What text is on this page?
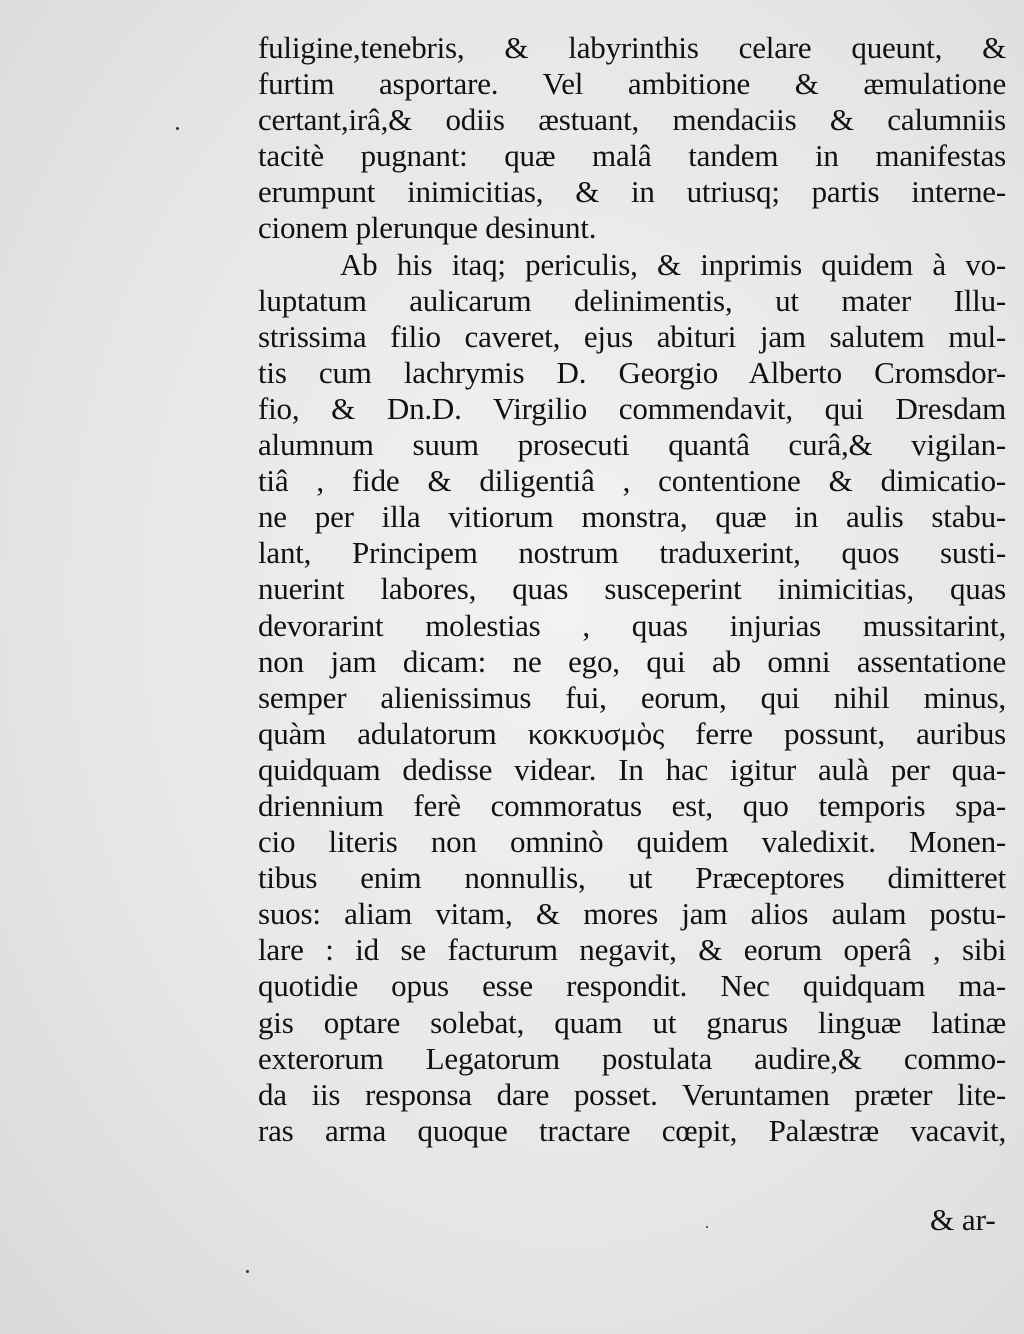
fuligine,tenebris, & labyrinthis celare queunt, &
furtim asportare. Vel ambitione & æmulatione
certant,irâ,& odiis æstuant, mendaciis & calumniis
tacitè pugnant: quæ malâ tandem in manifestas
erumpunt inimicitias, & in utriusq; partis interne-
cionem plerunque desinunt.
Ab his itaq; periculis, & inprimis quidem à vo-
luptatum aulicarum delinimentis, ut mater Illu-
strissima filio caveret, ejus abituri jam salutem mul-
tis cum lachrymis D. Georgio Alberto Cromsdor-
fio, & Dn.D. Virgilio commendavit, qui Dresdam
alumnum suum prosecuti quantâ curâ,& vigilan-
tiâ , fide & diligentiâ , contentione & dimicatio-
ne per illa vitiorum monstra, quæ in aulis stabu-
lant, Principem nostrum traduxerint, quos susti-
nuerint labores, quas susceperint inimicitias, quas
devorarint molestias , quas injurias mussitarint,
non jam dicam: ne ego, qui ab omni assentatione
semper alienissimus fui, eorum, qui nihil minus,
quàm adulatorum κοκκυσμὸς ferre possunt, auribus
quidquam dedisse videar. In hac igitur aulà per qua-
driennium ferè commoratus est, quo temporis spa-
cio literis non omninò quidem valedixit. Monen-
tibus enim nonnullis, ut Præceptores dimitteret
suos: aliam vitam, & mores jam alios aulam postu-
lare : id se facturum negavit, & eorum operâ , sibi
quotidie opus esse respondit. Nec quidquam ma-
gis optare solebat, quam ut gnarus linguæ latinæ
exterorum Legatorum postulata audire,& commo-
da iis responsa dare posset. Veruntamen præter lite-
ras arma quoque tractare cœpit, Palæstræ vacavit,
& ar-
